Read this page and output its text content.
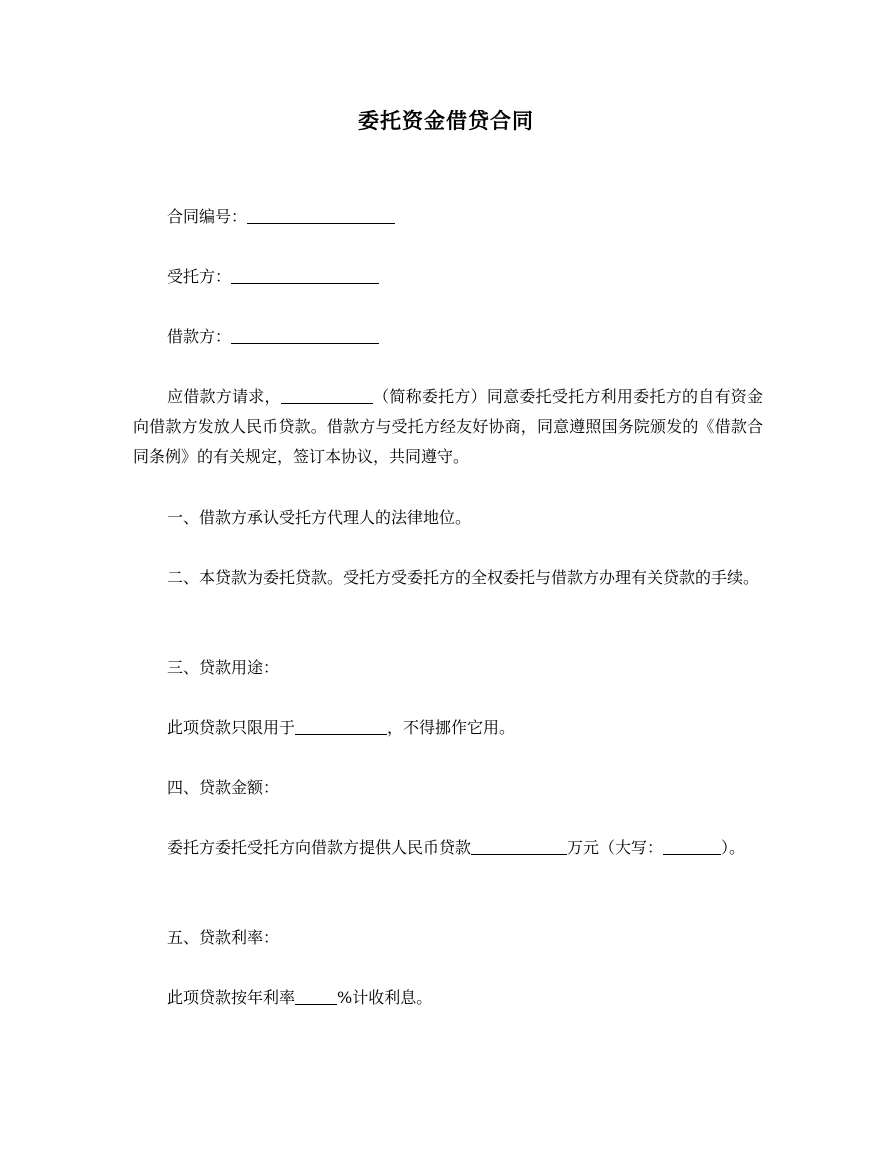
委托资金借贷合同

合同编号：

受托方：

借款方：

应借款方请求，	（简称委托方）同意委托受托方利用委托方的自有资金向借款方发放人民币贷款。借款方与受托方经友好协商，同意遵照国务院颁发的《借款合同条例》的有关规定，签订本协议，共同遵守。

一、借款方承认受托方代理人的法律地位。

二、本贷款为委托贷款。受托方受委托方的全权委托与借款方办理有关贷款的手续。

三、贷款用途：

此项贷款只限用于	，不得挪作它用。

四、贷款金额：

委托方委托受托方向借款方提供人民币贷款	万元（大写：	）。

五、贷款利率：

此项贷款按年利率	%计收利息。
